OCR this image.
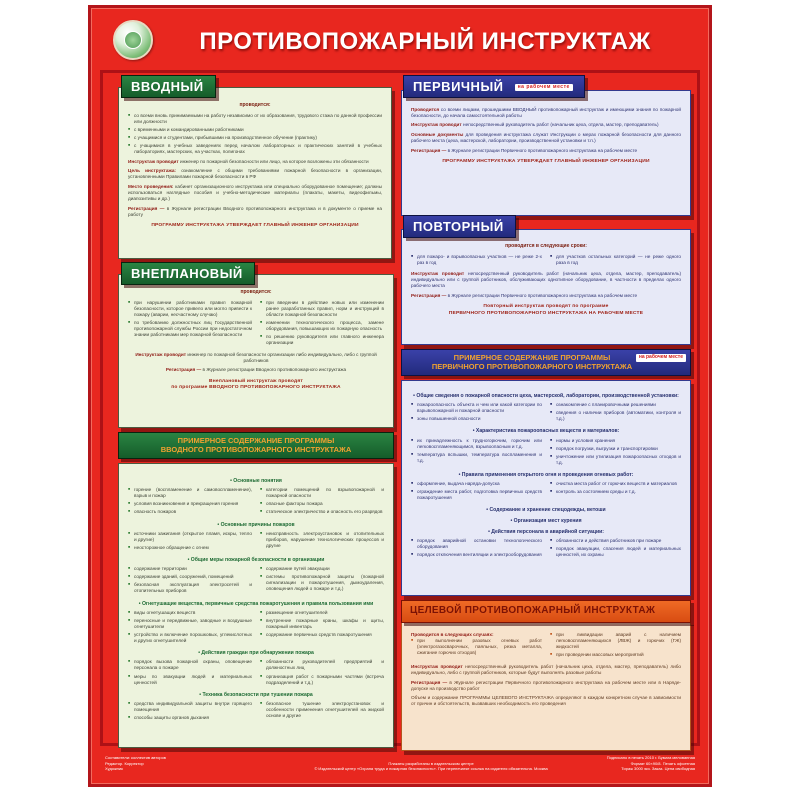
ПРОТИВОПОЖАРНЫЙ ИНСТРУКТАЖ
ВВОДНЫЙ
проводится:
■ со всеми вновь принимаемыми на работу независимо от их образования, трудового стажа по данной профессии или должности
■ с временными и командированными работниками
■ с учащимися и студентами, прибывшими на производственное обучение (практику)
■ с учащимися в учебных заведениях перед началом лабораторных и практических занятий в учебных лабораториях, мастерских, на участках, полигонах
Инструктаж проводит инженер по пожарной безопасности или лицо, на которое возложены эти обязанности
Цель инструктажа: ознакомление с общими требованиями пожарной безопасности в организации, установленными Правилами пожарной безопасности в РФ
Место проведения: кабинет организационного инструктажа или специально оборудованное помещение; должны использоваться наглядные пособия и учебно-методические материалы (плакаты, макеты, видеофильмы, диапозитивы и др.)
Регистрация — в Журнале регистрации Вводного противопожарного инструктажа и в документе о приеме на работу
ПРОГРАММУ ИНСТРУКТАЖА УТВЕРЖДАЕТ ГЛАВНЫЙ ИНЖЕНЕР ОРГАНИЗАЦИИ
ВНЕПЛАНОВЫЙ
проводится:
■ при нарушении работниками правил пожарной безопасности, которое привело или могло привести к пожару (аварии, несчастному случаю)
■ по требованию должностных лиц Государственной противопожарной службы России при недостаточном знании работниками мер пожарной безопасности
■ при введении в действие новых или изменении ранее разработанных правил, норм и инструкций в области пожарной безопасности
■ изменении технологического процесса, замене оборудования, повышающих их пожарную опасность
■ по решению руководителя или главного инженера организации
Инструктаж проводит инженер по пожарной безопасности организации либо индивидуально, либо с группой работников
Регистрация — в Журнале регистрации Вводного противопожарного инструктажа
Внеплановый инструктаж проводят
по программе ВВОДНОГО ПРОТИВОПОЖАРНОГО ИНСТРУКТАЖА
ПРИМЕРНОЕ СОДЕРЖАНИЕ ПРОГРАММЫ
ВВОДНОГО ПРОТИВОПОЖАРНОГО ИНСТРУКТАЖА
• Основные понятия
■ горение (воспламенение и самовоспламенение), взрыв и пожар
■ условия возникновения и прекращения горения
■ опасность пожаров
■ категории помещений по взрывопожарной и пожарной опасности
■ опасные факторы пожара
■ статическое электричество и опасность его разрядов
• Основные причины пожаров
■ источники зажигания (открытое пламя, искры, тепло и другие)
■ неосторожное обращение с огнем
■ неисправность электроустановок и отопительных приборов, нарушение технологических процессов и другие
• Общие меры пожарной безопасности в организации
■ содержание территории
■ содержание зданий, сооружений, помещений
■ безопасная эксплуатация электросетей и отопительных приборов
■ содержание путей эвакуации
■ системы противопожарной защиты (пожарной сигнализации и пожаротушения, дымоудаления, оповещения людей о пожаре и т.д.)
• Огнетушащие вещества, первичные средства пожаротушения и правила пользования ими
■ виды огнетушащих веществ
■ переносные и передвижные, заводные и воздушные огнетушители
■ устройство и включение порошковых, углекислотных и других огнетушителей
■ размещение огнетушителей
■ внутренние пожарные краны, шкафы и щиты, пожарный инвентарь
■ содержание первичных средств пожаротушения
• Действия граждан при обнаружении пожара
■ порядок вызова пожарной охраны, оповещение персонала о пожаре
■ меры по эвакуации людей и материальных ценностей
■ обязанности руководителей предприятий и должностных лиц
■ организация работ с пожарными частями (встреча подразделений и т.д.)
• Техника безопасности при тушении пожара
■ средства индивидуальной защиты внутри горящего помещения
■ способы защиты органов дыхания
■ безопасное тушение электроустановок и особенности применения огнетушителей на жидкой основе и другие
ПЕРВИЧНЫЙ	на рабочем месте
Проводится со всеми лицами, прошедшими ВВОДНЫЙ противопожарный инструктаж и имеющими знания по пожарной безопасности, до начала самостоятельной работы
Инструктаж проводит непосредственный руководитель работ (начальник цеха, отдела, мастер, преподаватель)
Основные документы для проведения инструктажа служат Инструкции о мерах пожарной безопасности для данного рабочего места (цеха, мастерской, лаборатории, производственной установки и т.п.)
Регистрация — в Журнале регистрации Первичного противопожарного инструктажа на рабочем месте
ПРОГРАММУ ИНСТРУКТАЖА УТВЕРЖДАЕТ ГЛАВНЫЙ ИНЖЕНЕР ОРГАНИЗАЦИИ
ПОВТОРНЫЙ
проводится в следующие сроки:
■ для пожаро- и взрывоопасных участков — не реже 2-х раз в год
■ для участков остальных категорий — не реже одного раза в год
Инструктаж проводит непосредственный руководитель работ (начальник цеха, отдела, мастер, преподаватель) индивидуально или с группой работников, обслуживающих однотипное оборудование, в частности в пределах одного рабочего места
Регистрация — в Журнале регистрации Первичного противопожарного инструктажа на рабочем месте
Повторный инструктаж проводят по программе
ПЕРВИЧНОГО ПРОТИВОПОЖАРНОГО ИНСТРУКТАЖА НА РАБОЧЕМ МЕСТЕ
ПРИМЕРНОЕ СОДЕРЖАНИЕ ПРОГРАММЫ
ПЕРВИЧНОГО ПРОТИВОПОЖАРНОГО ИНСТРУКТАЖА
на рабочем месте
• Общие сведения о пожарной опасности цеха, мастерской, лаборатории, производственной установки:
■ пожароопасность объекта и чем или какой категории по взрывопожарной и пожарной опасности
■ зоны повышенной опасности
■ ознакомление с планировочными решениями
■ сведения о наличии приборов (автоматики, контроля и т.д.)
• Характеристика пожароопасных веществ и материалов:
■ их принадлежность к трудногорючим, горючим или легковоспламеняющимся, взрывоопасным и т.д.
■ температура вспышки, температура воспламенения и т.д.
■ нормы и условия хранения
■ порядок погрузки, выгрузки и транспортировки
■ уничтожение или утилизация пожароопасных отходов и т.д.
• Правила применения открытого огня и проведения огневых работ:
■ оформление, выдача наряда-допуска
■ ограждение места работ, подготовка первичных средств пожаротушения
■ очистка места работ от горючих веществ и материалов
■ контроль за состоянием среды и т.д.
• Содержание и хранение спецодежды, ветоши
• Организация мест курения
• Действия персонала в аварийной ситуации:
■ порядок аварийной остановки технологического оборудования
■ порядок отключения вентиляции и электрооборудования
■ обязанности и действия работников при пожаре
■ порядок эвакуации, спасения людей и материальных ценностей, их охраны
ЦЕЛЕВОЙ ПРОТИВОПОЖАРНЫЙ ИНСТРУКТАЖ
Проводится в следующих случаях:
■ при выполнении разовых огневых работ (электрогазосварочных, паяльных, резка металла, сжигание горючих отходов)
■ при ликвидации аварий с наличием легковоспламеняющихся (ЛВЖ) и горючих (ГЖ) жидкостей
■ при проведении массовых мероприятий
Инструктаж проводит непосредственный руководитель работ (начальник цеха, отдела, мастер, преподаватель) либо индивидуально, либо с группой работников, которые будут выполнять разовые работы
Регистрация — в Журнале регистрации Первичного противопожарного инструктажа на рабочем месте или в Наряде-допуске на производство работ
Объем и содержание ПРОГРАММЫ ЦЕЛЕВОГО ИНСТРУКТАЖА определяют в каждом конкретном случае в зависимости от причин и обстоятельств, вызвавших необходимость его проведения
Составители: коллектив авторов
Редактор. Корректор
Художник
Плакаты разработаны в издательском центре
© Издательский центр «Охрана труда и пожарная безопасность». При перепечатке ссылка на издателя обязательна. Москва
Подписано в печать 2010 г. Бумага мелованная
Формат 60×90/8. Печать офсетная
Тираж 3000 экз. Заказ. Цена свободная
